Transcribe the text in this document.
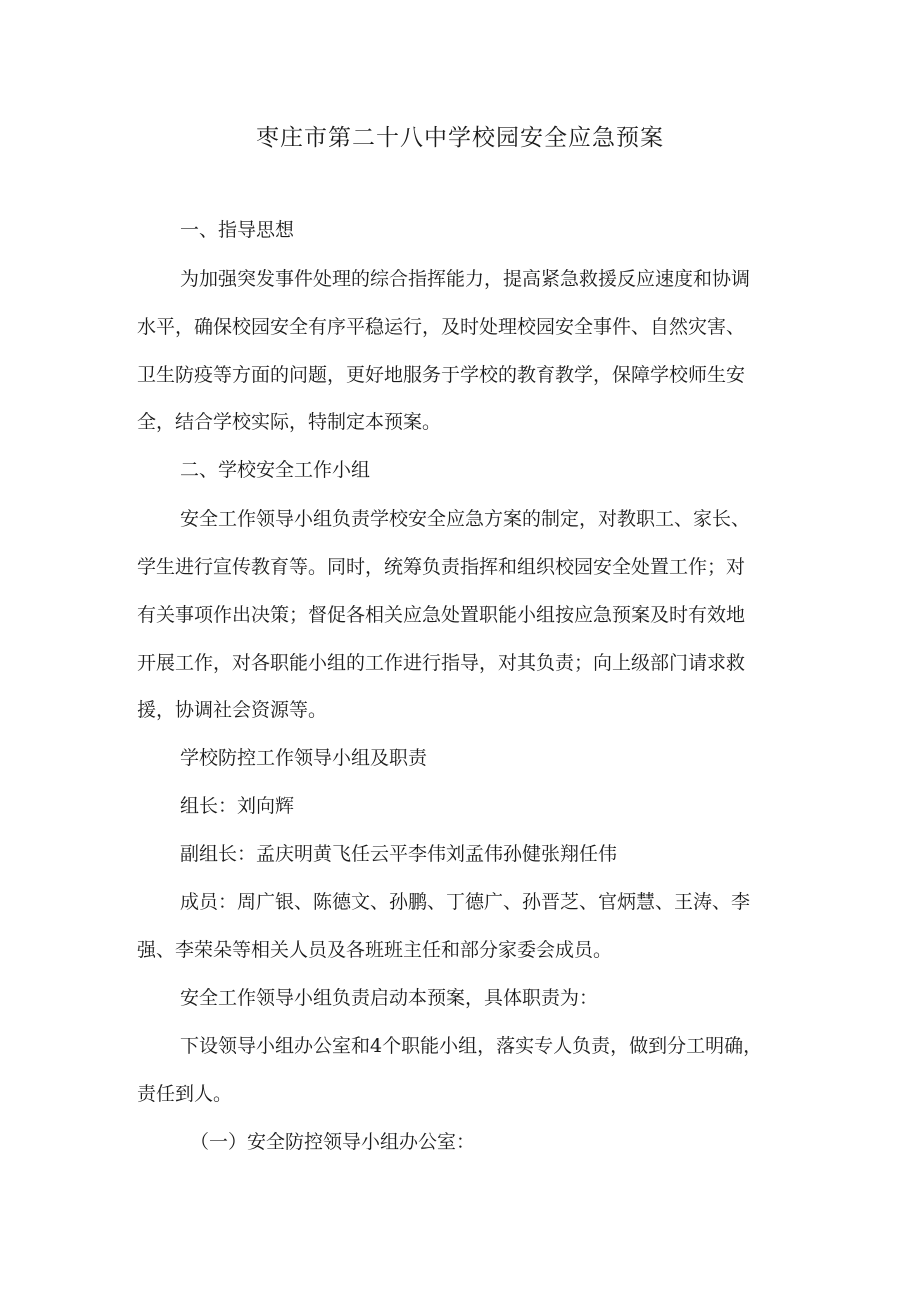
枣庄市第二十八中学校园安全应急预案
一、指导思想
为加强突发事件处理的综合指挥能力，提高紧急救援反应速度和协调
水平，确保校园安全有序平稳运行，及时处理校园安全事件、自然灾害、
卫生防疫等方面的问题，更好地服务于学校的教育教学，保障学校师生安
全，结合学校实际，特制定本预案。
二、学校安全工作小组
安全工作领导小组负责学校安全应急方案的制定，对教职工、家长、
学生进行宣传教育等。同时，统筹负责指挥和组织校园安全处置工作；对
有关事项作出决策；督促各相关应急处置职能小组按应急预案及时有效地
开展工作，对各职能小组的工作进行指导，对其负责；向上级部门请求救
援，协调社会资源等。
学校防控工作领导小组及职责
组长：刘向辉
副组长：孟庆明黄飞任云平李伟刘孟伟孙健张翔任伟
成员：周广银、陈德文、孙鹏、丁德广、孙晋芝、官炳慧、王涛、李
强、李荣朵等相关人员及各班班主任和部分家委会成员。
安全工作领导小组负责启动本预案，具体职责为：
下设领导小组办公室和4个职能小组，落实专人负责，做到分工明确，
责任到人。
（一）安全防控领导小组办公室：
